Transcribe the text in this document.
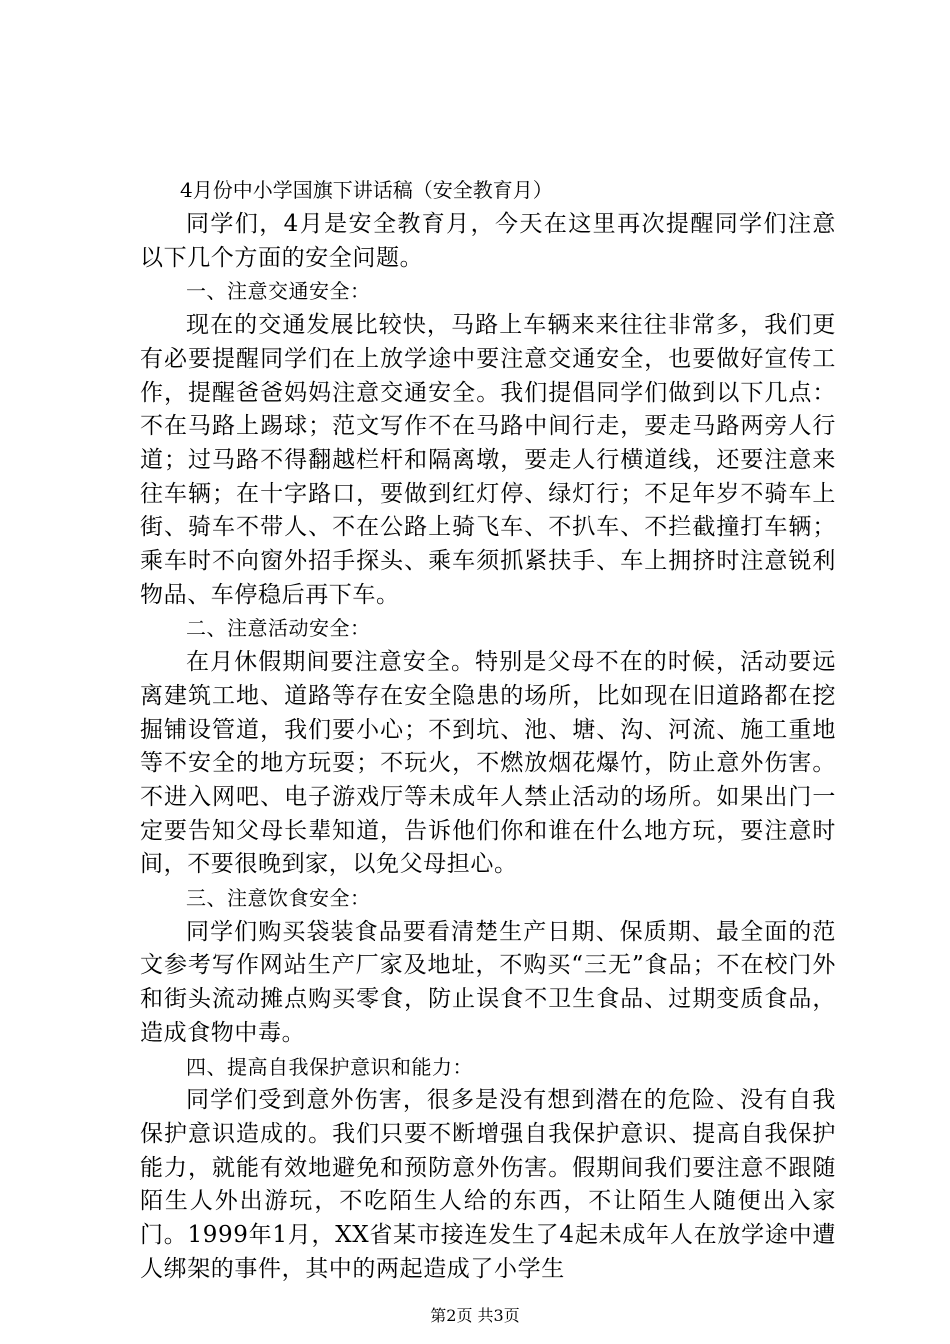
4月份中小学国旗下讲话稿（安全教育月）

同学们，4月是安全教育月，今天在这里再次提醒同学们注意以下几个方面的安全问题。

一、注意交通安全：

现在的交通发展比较快，马路上车辆来来往往非常多，我们更有必要提醒同学们在上放学途中要注意交通安全，也要做好宣传工作，提醒爸爸妈妈注意交通安全。我们提倡同学们做到以下几点：不在马路上踢球；范文写作不在马路中间行走，要走马路两旁人行道；过马路不得翻越栏杆和隔离墩，要走人行横道线，还要注意来往车辆；在十字路口，要做到红灯停、绿灯行；不足年岁不骑车上街、骑车不带人、不在公路上骑飞车、不扒车、不拦截撞打车辆；乘车时不向窗外招手探头、乘车须抓紧扶手、车上拥挤时注意锐利物品、车停稳后再下车。

二、注意活动安全：

在月休假期间要注意安全。特别是父母不在的时候，活动要远离建筑工地、道路等存在安全隐患的场所，比如现在旧道路都在挖掘铺设管道，我们要小心；不到坑、池、塘、沟、河流、施工重地等不安全的地方玩耍；不玩火，不燃放烟花爆竹，防止意外伤害。不进入网吧、电子游戏厅等未成年人禁止活动的场所。如果出门一定要告知父母长辈知道，告诉他们你和谁在什么地方玩，要注意时间，不要很晚到家，以免父母担心。

三、注意饮食安全：

同学们购买袋装食品要看清楚生产日期、保质期、最全面的范文参考写作网站生产厂家及地址，不购买“三无”食品；不在校门外和街头流动摊点购买零食，防止误食不卫生食品、过期变质食品，造成食物中毒。

四、提高自我保护意识和能力：

同学们受到意外伤害，很多是没有想到潜在的危险、没有自我保护意识造成的。我们只要不断增强自我保护意识、提高自我保护能力，就能有效地避免和预防意外伤害。假期间我们要注意不跟随陌生人外出游玩，不吃陌生人给的东西，不让陌生人随便出入家门。1999年1月，XX省某市接连发生了4起未成年人在放学途中遭人绑架的事件，其中的两起造成了小学生

第2页 共3页
